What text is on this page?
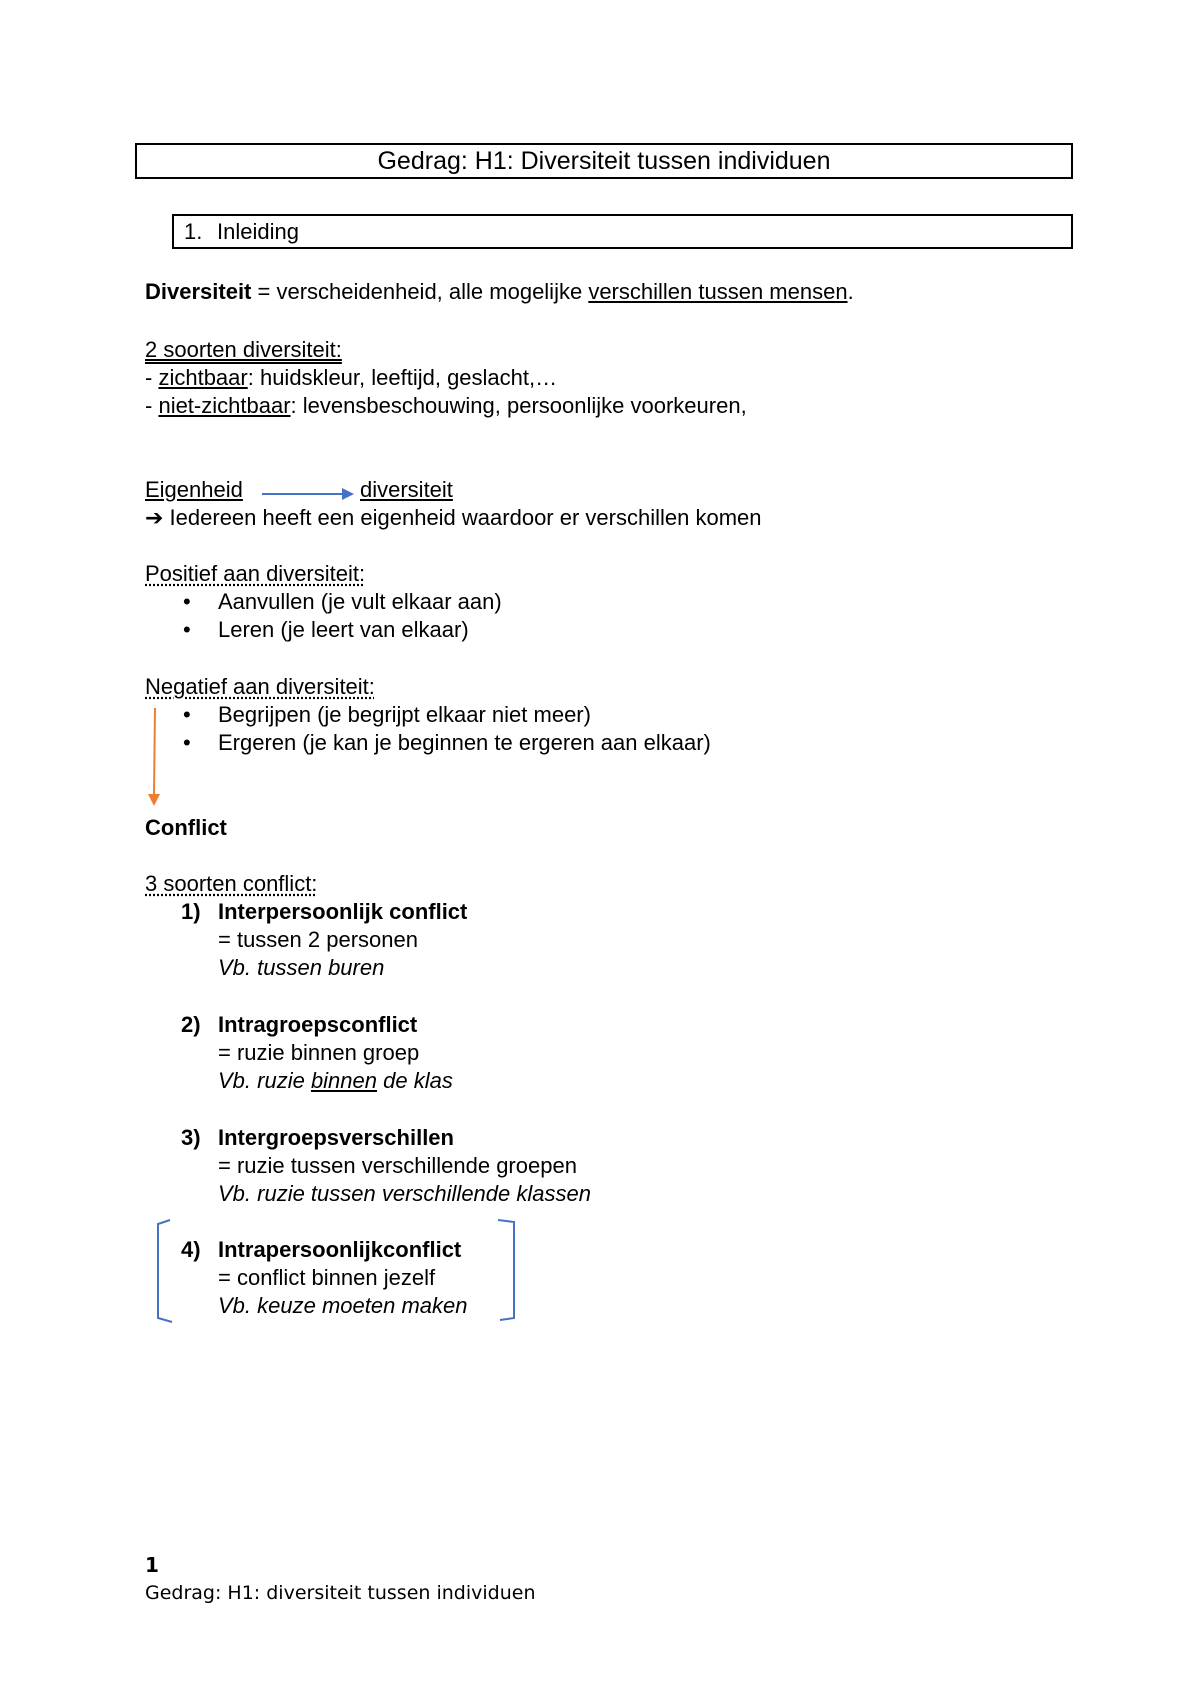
Gedrag: H1: Diversiteit tussen individuen
1. Inleiding
Diversiteit = verscheidenheid, alle mogelijke verschillen tussen mensen.
2 soorten diversiteit:
- zichtbaar: huidskleur, leeftijd, geslacht,…
- niet-zichtbaar: levensbeschouwing, persoonlijke voorkeuren,
Eigenheid	diversiteit
➔ Iedereen heeft een eigenheid waardoor er verschillen komen
Positief aan diversiteit:
• Aanvullen (je vult elkaar aan)
• Leren (je leert van elkaar)
Negatief aan diversiteit:
• Begrijpen (je begrijpt elkaar niet meer)
• Ergeren (je kan je beginnen te ergeren aan elkaar)
Conflict
3 soorten conflict:
1) Interpersoonlijk conflict
= tussen 2 personen
Vb. tussen buren
2) Intragroepsconflict
= ruzie binnen groep
Vb. ruzie binnen de klas
3) Intergroepsverschillen
= ruzie tussen verschillende groepen
Vb. ruzie tussen verschillende klassen
4) Intrapersoonlijkconflict
= conflict binnen jezelf
Vb. keuze moeten maken
1
Gedrag: H1: diversiteit tussen individuen
